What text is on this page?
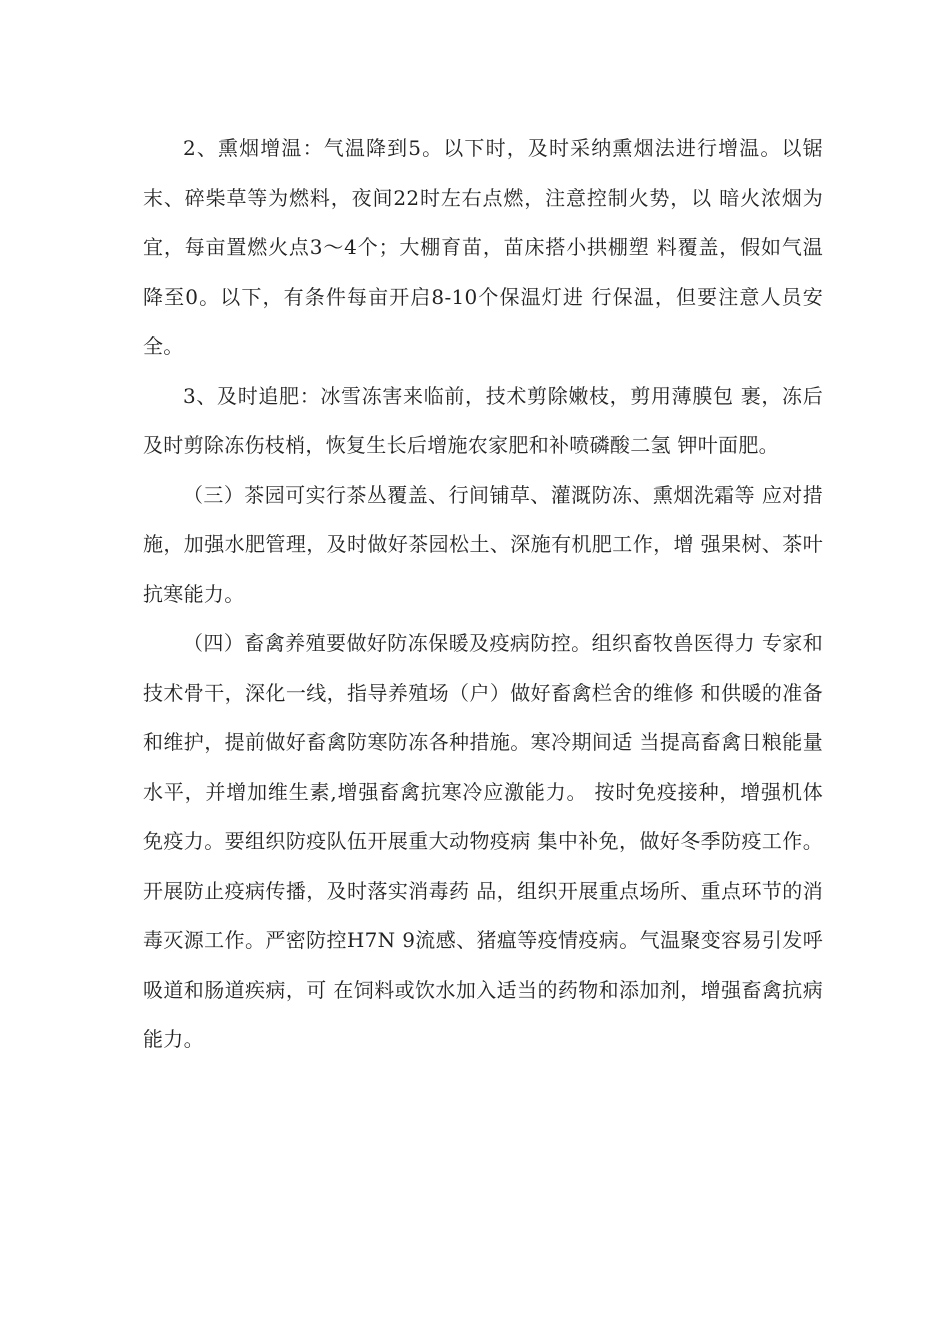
2、熏烟增温：气温降到5。以下时，及时采纳熏烟法进行增温。以锯末、碎柴草等为燃料，夜间22时左右点燃，注意控制火势，以 暗火浓烟为宜，每亩置燃火点3〜4个；大棚育苗，苗床搭小拱棚塑 料覆盖，假如气温降至0。以下，有条件每亩开启8-10个保温灯进 行保温，但要注意人员安全。

3、及时追肥：冰雪冻害来临前，技术剪除嫩枝，剪用薄膜包 裹，冻后及时剪除冻伤枝梢，恢复生长后增施农家肥和补喷磷酸二氢 钾叶面肥。

（三）茶园可实行茶丛覆盖、行间铺草、灌溉防冻、熏烟洗霜等 应对措施，加强水肥管理，及时做好茶园松土、深施有机肥工作，增 强果树、茶叶抗寒能力。

（四）畜禽养殖要做好防冻保暖及疫病防控。组织畜牧兽医得力 专家和技术骨干，深化一线，指导养殖场（户）做好畜禽栏舍的维修 和供暖的准备和维护，提前做好畜禽防寒防冻各种措施。寒冷期间适 当提高畜禽日粮能量水平，并增加维生素,增强畜禽抗寒冷应激能力。 按时免疫接种，增强机体免疫力。要组织防疫队伍开展重大动物疫病 集中补免，做好冬季防疫工作。开展防止疫病传播，及时落实消毒药 品，组织开展重点场所、重点环节的消毒灭源工作。严密防控H7N 9流感、猪瘟等疫情疫病。气温聚变容易引发呼吸道和肠道疾病，可 在饲料或饮水加入适当的药物和添加剂，增强畜禽抗病能力。
